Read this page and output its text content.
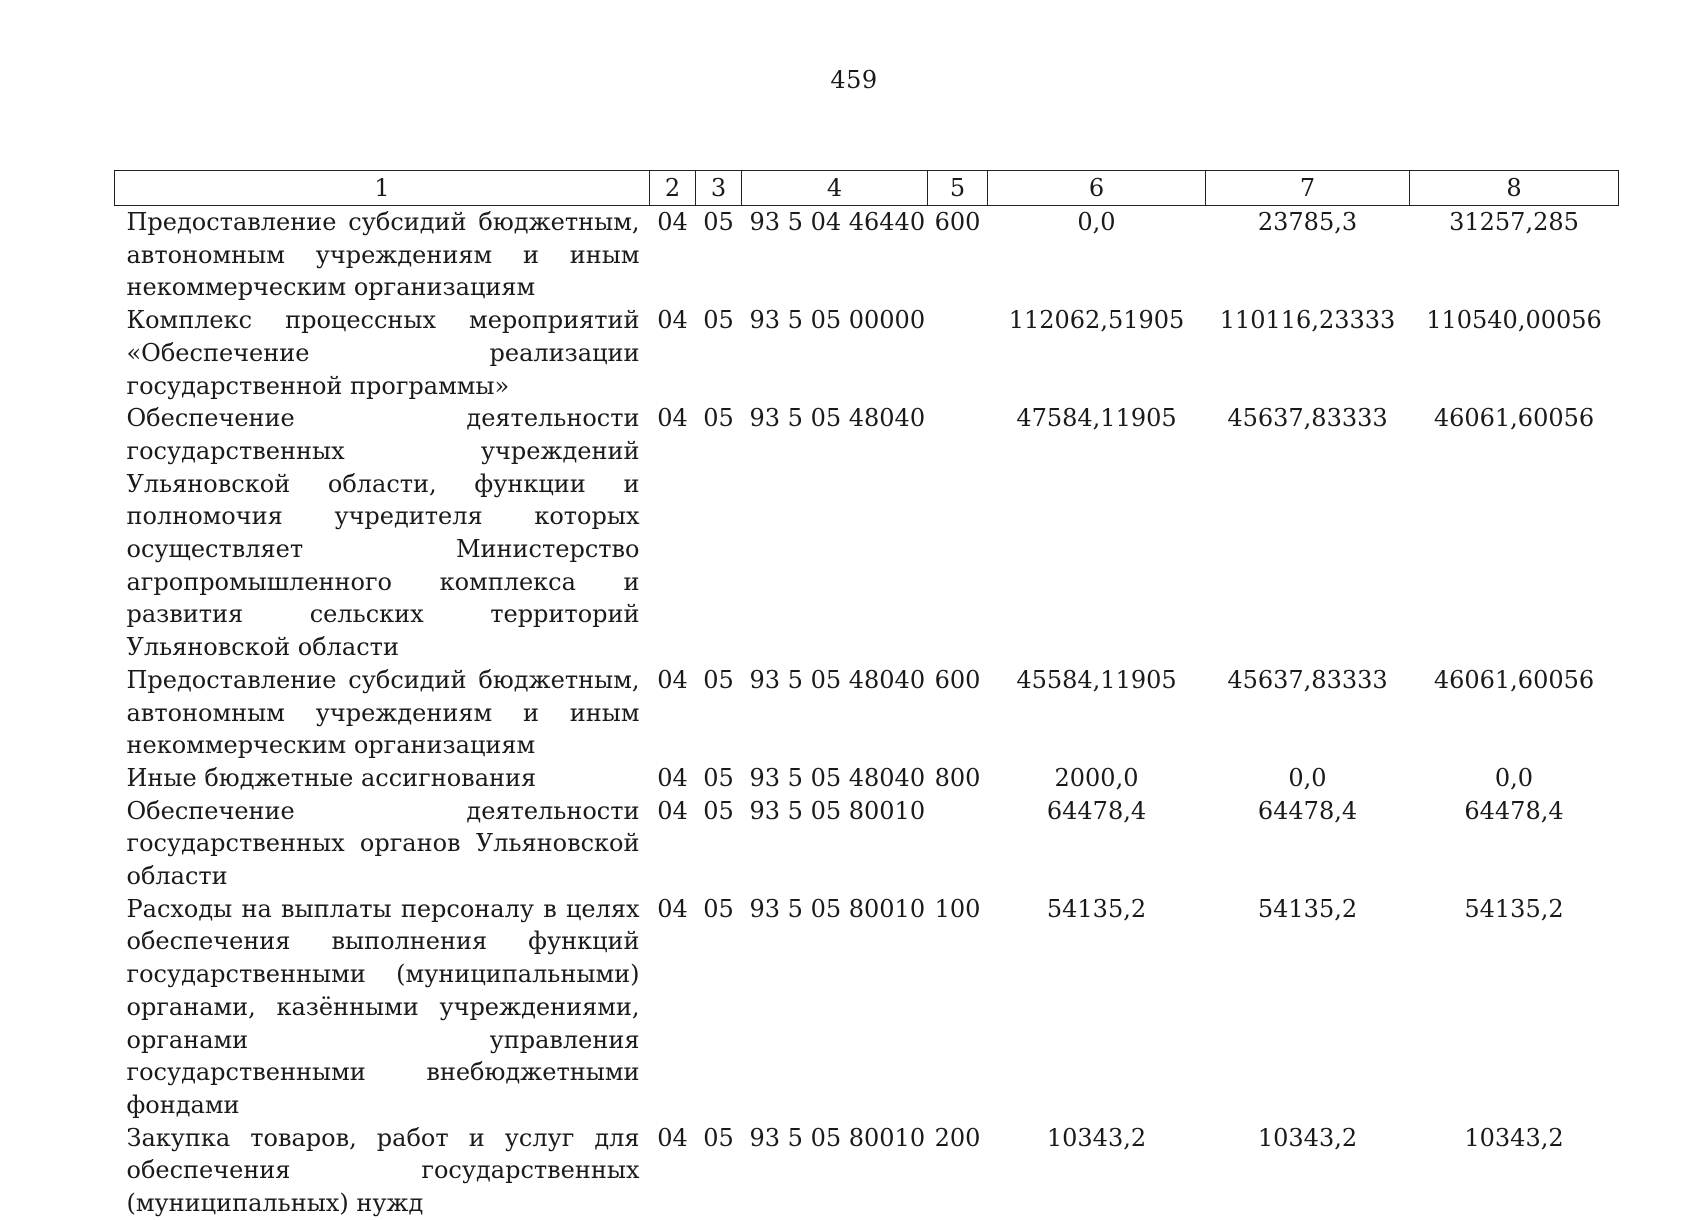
459
1	2	3	4	5	6	7	8
Предоставление субсидий бюджетным, автономным учреждениям и иным некоммерческим организациям	04	05	93 5 04 46440	600	0,0	23785,3	31257,285
Комплекс процессных мероприятий «Обеспечение реализации государственной программы»	04	05	93 5 05 00000		112062,51905	110116,23333	110540,00056
Обеспечение деятельности государственных учреждений Ульяновской области, функции и полномочия учредителя которых осуществляет Министерство агропромышленного комплекса и развития сельских территорий Ульяновской области	04	05	93 5 05 48040		47584,11905	45637,83333	46061,60056
Предоставление субсидий бюджетным, автономным учреждениям и иным некоммерческим организациям	04	05	93 5 05 48040	600	45584,11905	45637,83333	46061,60056
Иные бюджетные ассигнования	04	05	93 5 05 48040	800	2000,0	0,0	0,0
Обеспечение деятельности государственных органов Ульяновской области	04	05	93 5 05 80010		64478,4	64478,4	64478,4
Расходы на выплаты персоналу в целях обеспечения выполнения функций государственными (муниципальными) органами, казёнными учреждениями, органами управления государственными внебюджетными фондами	04	05	93 5 05 80010	100	54135,2	54135,2	54135,2
Закупка товаров, работ и услуг для обеспечения государственных (муниципальных) нужд	04	05	93 5 05 80010	200	10343,2	10343,2	10343,2
